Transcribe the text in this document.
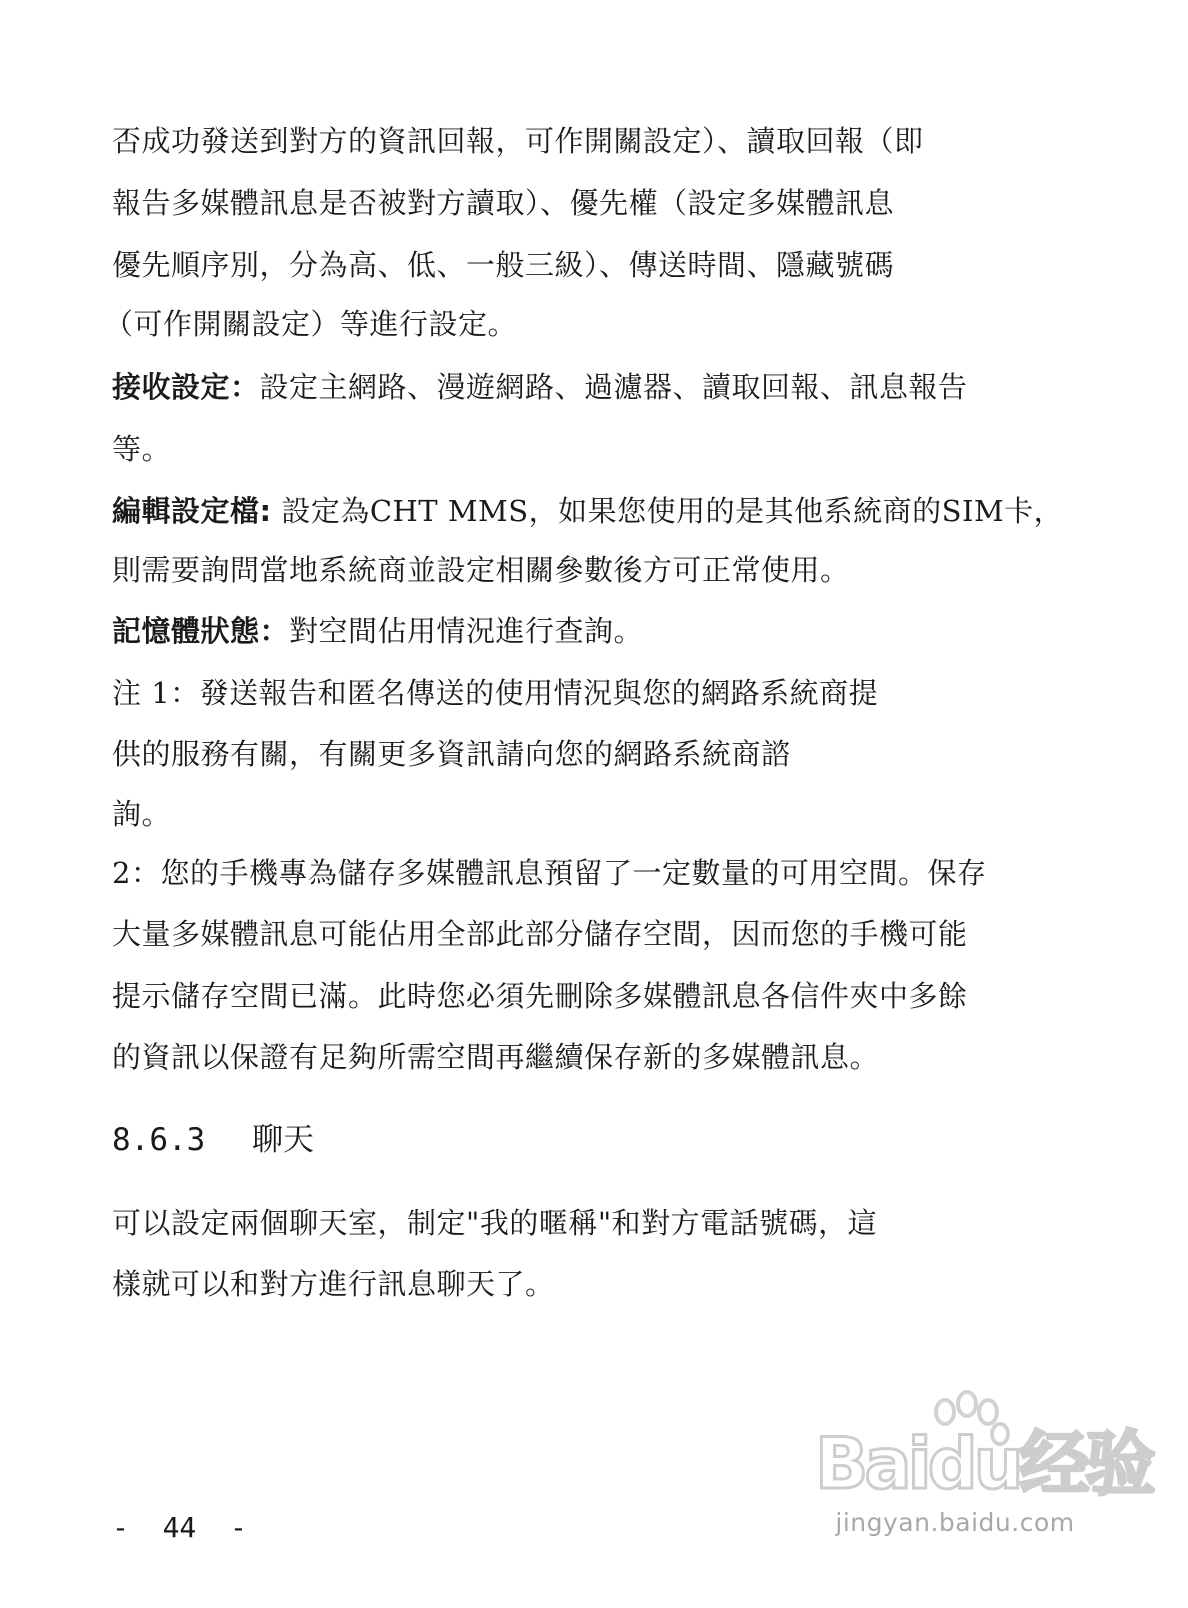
否成功發送到對方的資訊回報，可作開關設定）、讀取回報（即
報告多媒體訊息是否被對方讀取）、優先權（設定多媒體訊息
優先順序別，分為高、低、一般三級）、傳送時間、隱藏號碼
（可作開關設定）等進行設定。
接收設定：設定主網路、漫遊網路、過濾器、讀取回報、訊息報告
等。
編輯設定檔: 設定為CHT MMS，如果您使用的是其他系統商的SIM卡，
則需要詢問當地系統商並設定相關參數後方可正常使用。
記憶體狀態：對空間佔用情況進行查詢。
注 1：發送報告和匿名傳送的使用情況與您的網路系統商提
供的服務有關，有關更多資訊請向您的網路系統商諮
詢。
2：您的手機專為儲存多媒體訊息預留了一定數量的可用空間。保存
大量多媒體訊息可能佔用全部此部分儲存空間，因而您的手機可能
提示儲存空間已滿。此時您必須先刪除多媒體訊息各信件夾中多餘
的資訊以保證有足夠所需空間再繼續保存新的多媒體訊息。
8.6.3 聊天
可以設定兩個聊天室，制定"我的暱稱"和對方電話號碼，這
樣就可以和對方進行訊息聊天了。
-  44  -
Baidu经验
jingyan.baidu.com
